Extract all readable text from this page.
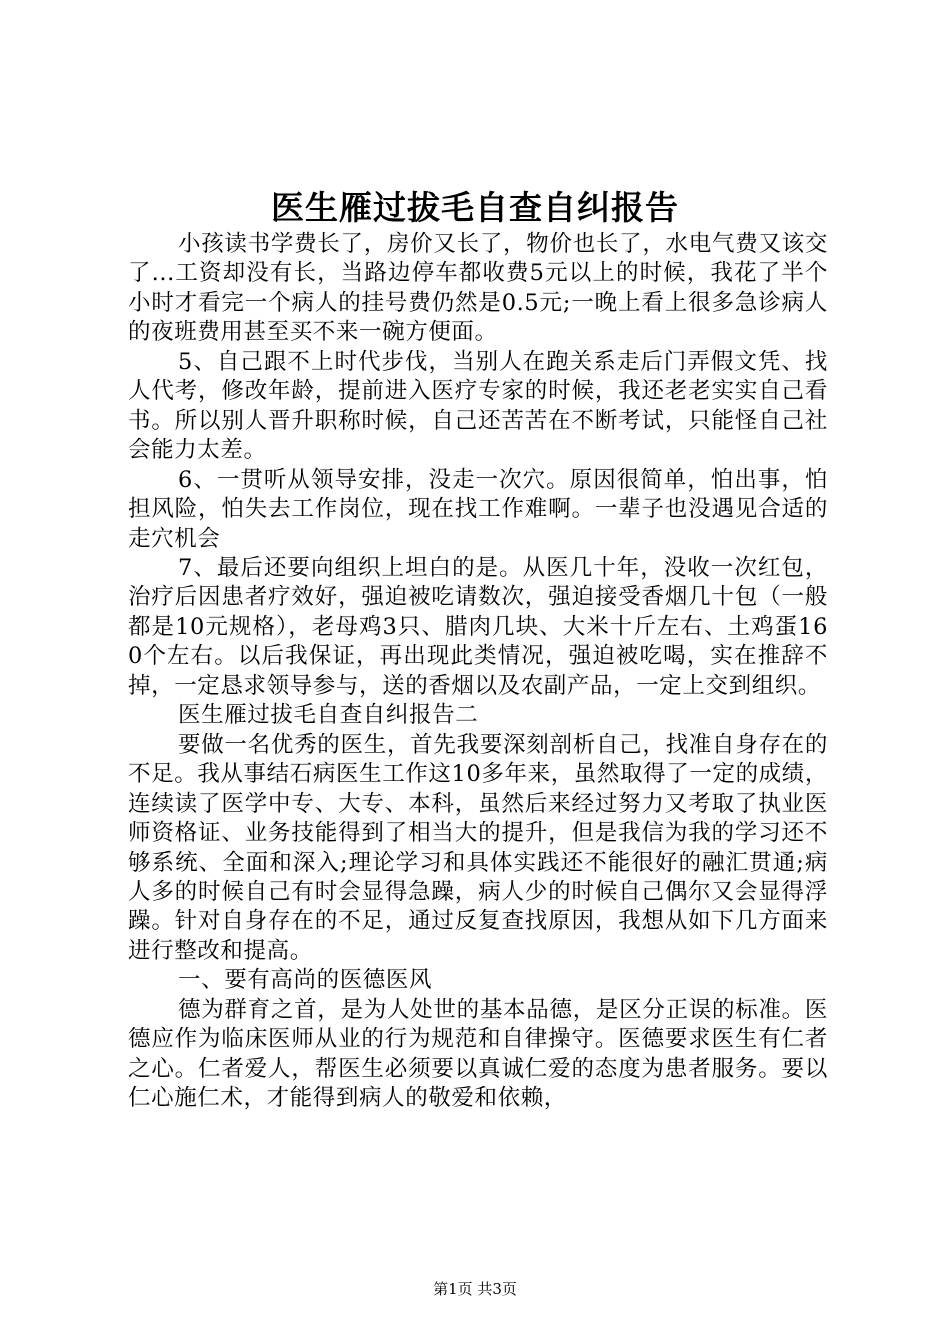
医生雁过拔毛自查自纠报告

小孩读书学费长了，房价又长了，物价也长了，水电气费又该交了...工资却没有长，当路边停车都收费5元以上的时候，我花了半个小时才看完一个病人的挂号费仍然是0.5元;一晚上看上很多急诊病人的夜班费用甚至买不来一碗方便面。

5、自己跟不上时代步伐，当别人在跑关系走后门弄假文凭、找人代考，修改年龄，提前进入医疗专家的时候，我还老老实实自己看书。所以别人晋升职称时候，自己还苦苦在不断考试，只能怪自己社会能力太差。

6、一贯听从领导安排，没走一次穴。原因很简单，怕出事，怕担风险，怕失去工作岗位，现在找工作难啊。一辈子也没遇见合适的走穴机会

7、最后还要向组织上坦白的是。从医几十年，没收一次红包，治疗后因患者疗效好，强迫被吃请数次，强迫接受香烟几十包（一般都是10元规格），老母鸡3只、腊肉几块、大米十斤左右、土鸡蛋160个左右。以后我保证，再出现此类情况，强迫被吃喝，实在推辞不掉，一定恳求领导参与，送的香烟以及农副产品，一定上交到组织。

医生雁过拔毛自查自纠报告二

要做一名优秀的医生，首先我要深刻剖析自己，找准自身存在的不足。我从事结石病医生工作这10多年来，虽然取得了一定的成绩，连续读了医学中专、大专、本科，虽然后来经过努力又考取了执业医师资格证、业务技能得到了相当大的提升，但是我信为我的学习还不够系统、全面和深入;理论学习和具体实践还不能很好的融汇贯通;病人多的时候自己有时会显得急躁，病人少的时候自己偶尔又会显得浮躁。针对自身存在的不足，通过反复查找原因，我想从如下几方面来进行整改和提高。

一、要有高尚的医德医风

德为群育之首，是为人处世的基本品德，是区分正误的标准。医德应作为临床医师从业的行为规范和自律操守。医德要求医生有仁者之心。仁者爱人，帮医生必须要以真诚仁爱的态度为患者服务。要以仁心施仁术，才能得到病人的敬爱和依赖，

第1页 共3页
